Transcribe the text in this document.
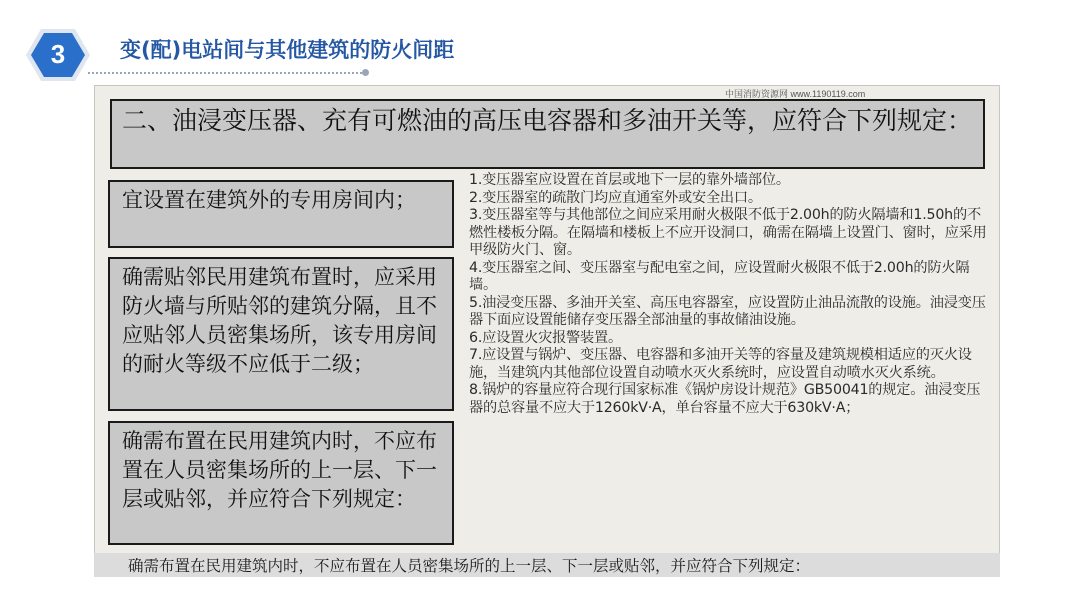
3	变(配)电站间与其他建筑的防火间距
中国消防资源网 www.1190119.com
二、油浸变压器、充有可燃油的高压电容器和多油开关等，应符合下列规定：
宜设置在建筑外的专用房间内；
确需贴邻民用建筑布置时，应采用防火墙与所贴邻的建筑分隔，且不应贴邻人员密集场所，该专用房间的耐火等级不应低于二级；
确需布置在民用建筑内时，不应布置在人员密集场所的上一层、下一层或贴邻，并应符合下列规定：

1.变压器室应设置在首层或地下一层的靠外墙部位。

2.变压器室的疏散门均应直通室外或安全出口。

3.变压器室等与其他部位之间应采用耐火极限不低于2.00h的防火隔墙和1.50h的不燃性楼板分隔。在隔墙和楼板上不应开设洞口，确需在隔墙上设置门、窗时，应采用甲级防火门、窗。

4.变压器室之间、变压器室与配电室之间，应设置耐火极限不低于2.00h的防火隔墙。

5.油浸变压器、多油开关室、高压电容器室，应设置防止油品流散的设施。油浸变压器下面应设置能储存变压器全部油量的事故储油设施。

6.应设置火灾报警装置。

7.应设置与锅炉、变压器、电容器和多油开关等的容量及建筑规模相适应的灭火设施，当建筑内其他部位设置自动喷水灭火系统时，应设置自动喷水灭火系统。

8.锅炉的容量应符合现行国家标准《锅炉房设计规范》GB50041的规定。油浸变压器的总容量不应大于1260kV·A，单台容量不应大于630kV·A；

确需布置在民用建筑内时，不应布置在人员密集场所的上一层、下一层或贴邻，并应符合下列规定：
